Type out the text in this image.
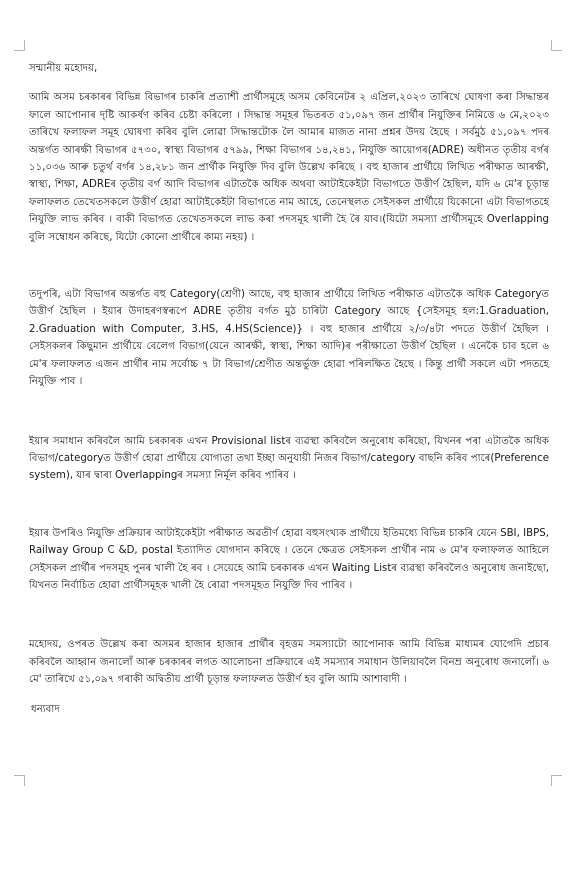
সন্মানীয় মহোদয়,

আমি অসম চৰকাৰৰ বিভিন্ন বিভাগৰ চাকৰি প্ৰত্যাশী প্ৰাৰ্থীসমূহে অসম কেবিনেটৰ ২ এপ্ৰিল,২০২৩ তাৰিখে ঘোষণা কৰা সিদ্ধান্তৰ ফালে আপোনাৰ দৃষ্টি আকৰ্ষণ কৰিব চেষ্টা কৰিলো । সিদ্ধান্ত সমূহৰ ভিতৰত ৫১,০৯৭ জন প্ৰাৰ্থীৰ নিযুক্তিৰ নিমিত্তে ৬ মে,২০২৩ তাৰিখে ফলাফল সমূহ ঘোষণা কৰিব বুলি লোৱা সিদ্ধান্তটোক লৈ আমাৰ মাজত নানা প্ৰশ্নৰ উদয় হৈছে । সৰ্বমুঠ ৫১,০৯৭ পদৰ অন্তৰ্গত আৰক্ষী বিভাগৰ ৫৭৩০, স্বাস্থ্য বিভাগৰ ৫৭৯৯, শিক্ষা বিভাগৰ ১৪,২৪১, নিযুক্তি আয়োগৰ(ADRE) অধীনত তৃতীয় বৰ্গৰ ১১,০৩৬ আৰু চতুৰ্থ বৰ্গৰ ১৪,২৮১ জন প্ৰাৰ্থীক নিযুক্তি দিব বুলি উল্লেখ কৰিছে । বহু হাজাৰ প্ৰাৰ্থীয়ে লিখিত পৰীক্ষাত আৰক্ষী, স্বাস্থ্য, শিক্ষা, ADREৰ তৃতীয় বৰ্গ আদি বিভাগৰ এটাতকৈ অধিক অথবা আটাইকেইটা বিভাগতে উত্তীৰ্ণ হৈছিল, যদি ৬ মে'ৰ চূড়ান্ত ফলাফলত তেখেতসকলে উত্তীৰ্ণ হোৱা আটাইকেইটা বিভাগতে নাম আহে, তেনেস্থলত সেইসকল প্ৰাৰ্থীয়ে যিকোনো এটা বিভাগতহে নিযুক্তি লাভ কৰিব । বাকী বিভাগত তেখেতসকলে লাভ কৰা পদসমূহ খালী হৈ ৰৈ যাব।(যিটো সমস্যা প্ৰাৰ্থীসমূহে Overlapping বুলি সম্বোধন কৰিছে, যিটো কোনো প্ৰাৰ্থীৰে কাম্য নহয়) ।

তদুপৰি, এটা বিভাগৰ অন্তৰ্গত বহু Category(শ্ৰেণী) আছে, বহু হাজাৰ প্ৰাৰ্থীয়ে লিখিত পৰীক্ষাত এটাতকৈ অধিক Categoryত উত্তীৰ্ণ হৈছিল । ইয়াৰ উদাহৰণস্বৰূপে ADRE তৃতীয় বৰ্গত মুঠ চাৰিটা Category আছে {সেইসমূহ হল:1.Graduation, 2.Graduation with Computer, 3.HS, 4.HS(Science)} । বহু হাজাৰ প্ৰাৰ্থীয়ে ২/৩/৪টা পদতে উত্তীৰ্ণ হৈছিল । সেইসকলৰ কিছুমান প্ৰাৰ্থীয়ে বেলেগ বিভাগ(যেনে আৰক্ষী, স্বাস্থ্য, শিক্ষা আদি)ৰ পৰীক্ষাতো উত্তীৰ্ণ হৈছিল । এনেকৈ চাব হলে ৬ মে'ৰ ফলাফলত এজন প্ৰাৰ্থীৰ নাম সৰ্বোচ্চ ৭ টা বিভাগ/শ্ৰেণীত অন্তৰ্ভুক্ত হোৱা পৰিলক্ষিত হৈছে । কিন্তু প্ৰাৰ্থী সকলে এটা পদতহে নিযুক্তি পাব ।

ইয়াৰ সমাধান কৰিবলৈ আমি চৰকাৰক এখন Provisional listৰ ব্যৱস্থা কৰিবলৈ অনুৰোধ কৰিছো, যিখনৰ পৰা এটাতকৈ অধিক বিভাগ/categoryত উত্তীৰ্ণ হোৱা প্ৰাৰ্থীয়ে যোগ্যতা তথা ইচ্ছা অনুযায়ী নিজৰ বিভাগ/category বাছনি কৰিব পাৰে(Preference system), যাৰ দ্বাৰা Overlappingৰ সমস্যা নিৰ্মূল কৰিব পাৰিব ।

ইয়াৰ উপৰিও নিযুক্তি প্ৰক্ৰিয়াৰ আটাইকেইটা পৰীক্ষাত অৱতীৰ্ণ হোৱা বহুসংখ্যক প্ৰাৰ্থীয়ে ইতিমধ্যে বিভিন্ন চাকৰি যেনে SBI, IBPS, Railway Group C &D, postal ইত্যাদিত যোগদান কৰিছে । তেনে ক্ষেত্ৰত সেইসকল প্ৰাৰ্থীৰ নাম ৬ মে'ৰ ফলাফলত আহিলে সেইসকল প্ৰাৰ্থীৰ পদসমূহ পুনৰ খালী হৈ ৰব । সেয়েহে আমি চৰকাৰক এখন Waiting Listৰ ব্যৱস্থা কৰিবলৈও অনুৰোধ জনাইছো, যিখনত নিৰ্বাচিত হোৱা প্ৰাৰ্থীসমূহক খালী হৈ ৰোৱা পদসমূহত নিযুক্তি দিব পাৰিব ।

মহোদয়, ওপৰত উল্লেখ কৰা অসমৰ হাজাৰ হাজাৰ প্ৰাৰ্থীৰ বৃহত্তম সমস্যাটো আপোনাক আমি বিভিন্ন মাধ্যমৰ যোগেদি প্ৰচাৰ কৰিবলৈ আহ্বান জনালোঁ আৰু চৰকাৰৰ লগত আলোচনা প্ৰক্ৰিয়াৰে এই সমস্যাৰ সমাধান উলিয়াবলৈ বিনম্ৰ অনুৰোধ জনালোঁ। ৬ মে' তাৰিখে ৫১,০৯৭ গৰাকী অদ্বিতীয় প্ৰাৰ্থী চূড়ান্ত ফলাফলত উত্তীৰ্ণ হব বুলি আমি আশাবাদী ।

ধন্যবাদ
